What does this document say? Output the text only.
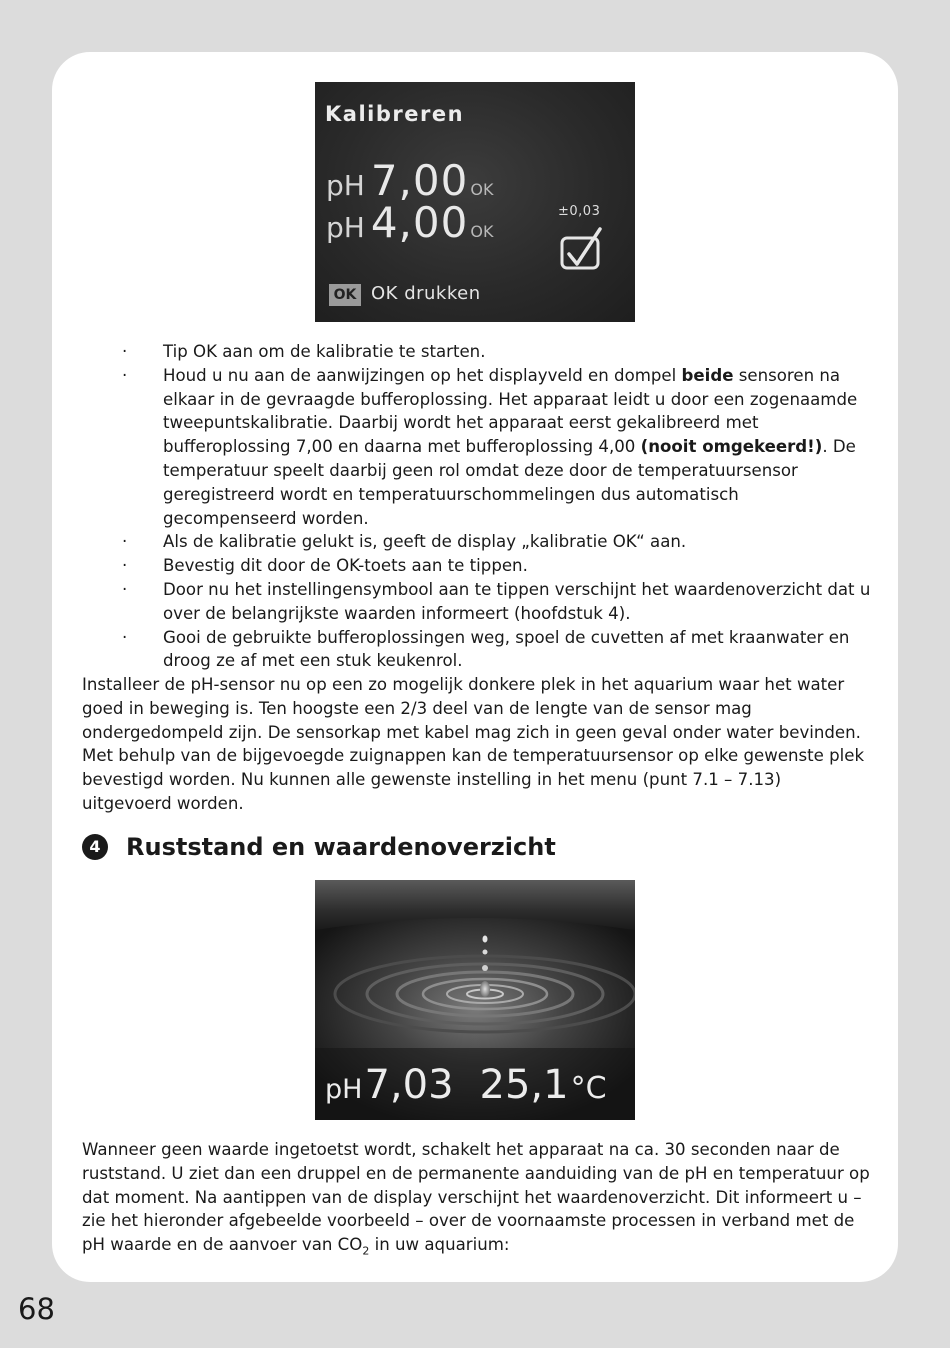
Kalibreren
pH 7,00 OK
pH 4,00 OK
±0,03
OK OK drukken
· Tip OK aan om de kalibratie te starten.
· Houd u nu aan de aanwijzingen op het displayveld en dompel beide sensoren na elkaar in de gevraagde bufferoplossing. Het apparaat leidt u door een zogenaamde tweepuntskalibratie. Daarbij wordt het apparaat eerst gekalibreerd met bufferoplossing 7,00 en daarna met bufferoplossing 4,00 (nooit omgekeerd!). De temperatuur speelt daarbij geen rol omdat deze door de temperatuursensor geregistreerd wordt en temperatuurschommelingen dus automatisch gecompenseerd worden.
· Als de kalibratie gelukt is, geeft de display „kalibratie OK“ aan.
· Bevestig dit door de OK-toets aan te tippen.
· Door nu het instellingensymbool aan te tippen verschijnt het waardenoverzicht dat u over de belangrijkste waarden informeert (hoofdstuk 4).
· Gooi de gebruikte bufferoplossingen weg, spoel de cuvetten af met kraanwater en droog ze af met een stuk keukenrol.

Installeer de pH-sensor nu op een zo mogelijk donkere plek in het aquarium waar het water goed in beweging is. Ten hoogste een 2/3 deel van de lengte van de sensor mag ondergedompeld zijn. De sensorkap met kabel mag zich in geen geval onder water bevinden. Met behulp van de bijgevoegde zuignappen kan de temperatuursensor op elke gewenste plek bevestigd worden. Nu kunnen alle gewenste instelling in het menu (punt 7.1 – 7.13) uitgevoerd worden.

4 Ruststand en waardenoverzicht
pH7,03 25,1°C

Wanneer geen waarde ingetoetst wordt, schakelt het apparaat na ca. 30 seconden naar de ruststand. U ziet dan een druppel en de permanente aanduiding van de pH en temperatuur op dat moment. Na aantippen van de display verschijnt het waardenoverzicht. Dit informeert u – zie het hieronder afgebeelde voorbeeld – over de voornaamste processen in verband met de pH waarde en de aanvoer van $CO_2$ in uw aquarium:

68
